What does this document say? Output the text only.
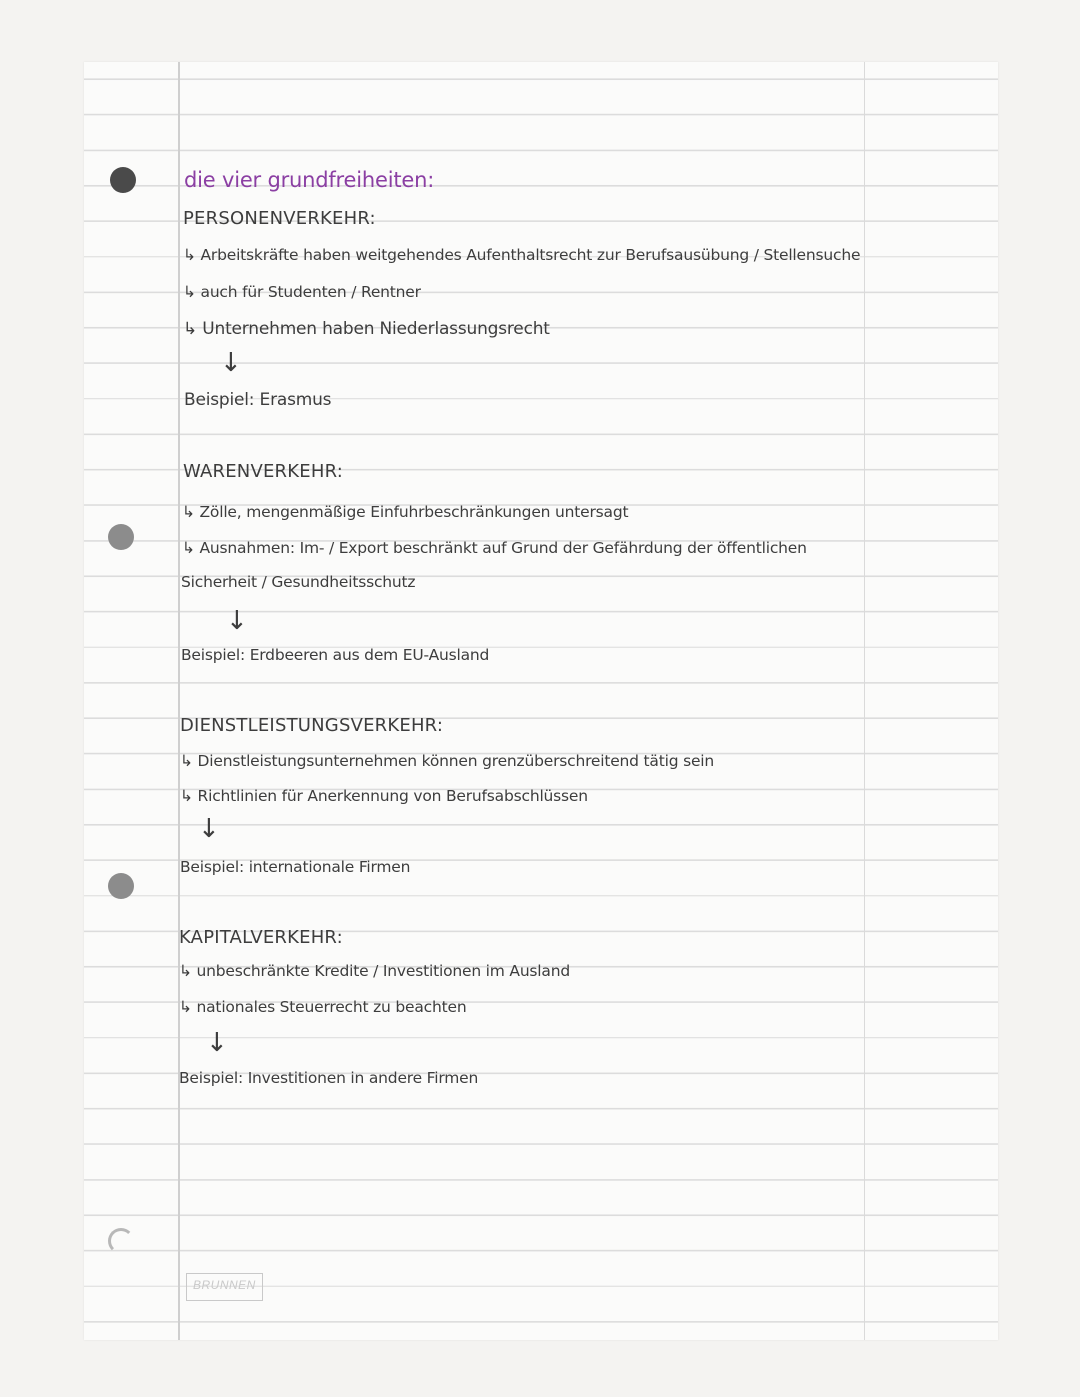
die vier grundfreiheiten:
PERSONENVERKEHR:
↳ Arbeitskräfte haben weitgehendes Aufenthaltsrecht zur Berufsausübung / Stellensuche
↳ auch für Studenten / Rentner
↳ Unternehmen haben Niederlassungsrecht
↓
Beispiel: Erasmus
WARENVERKEHR:
↳ Zölle, mengenmäßige Einfuhrbeschränkungen untersagt
↳ Ausnahmen: Im- / Export beschränkt auf Grund der Gefährdung der öffentlichen
Sicherheit / Gesundheitsschutz
↓
Beispiel: Erdbeeren aus dem EU-Ausland
DIENSTLEISTUNGSVERKEHR:
↳ Dienstleistungsunternehmen können grenzüberschreitend tätig sein
↳ Richtlinien für Anerkennung von Berufsabschlüssen
↓
Beispiel: internationale Firmen
KAPITALVERKEHR:
↳ unbeschränkte Kredite / Investitionen im Ausland
↳ nationales Steuerrecht zu beachten
↓
Beispiel: Investitionen in andere Firmen
BRUNNEN
